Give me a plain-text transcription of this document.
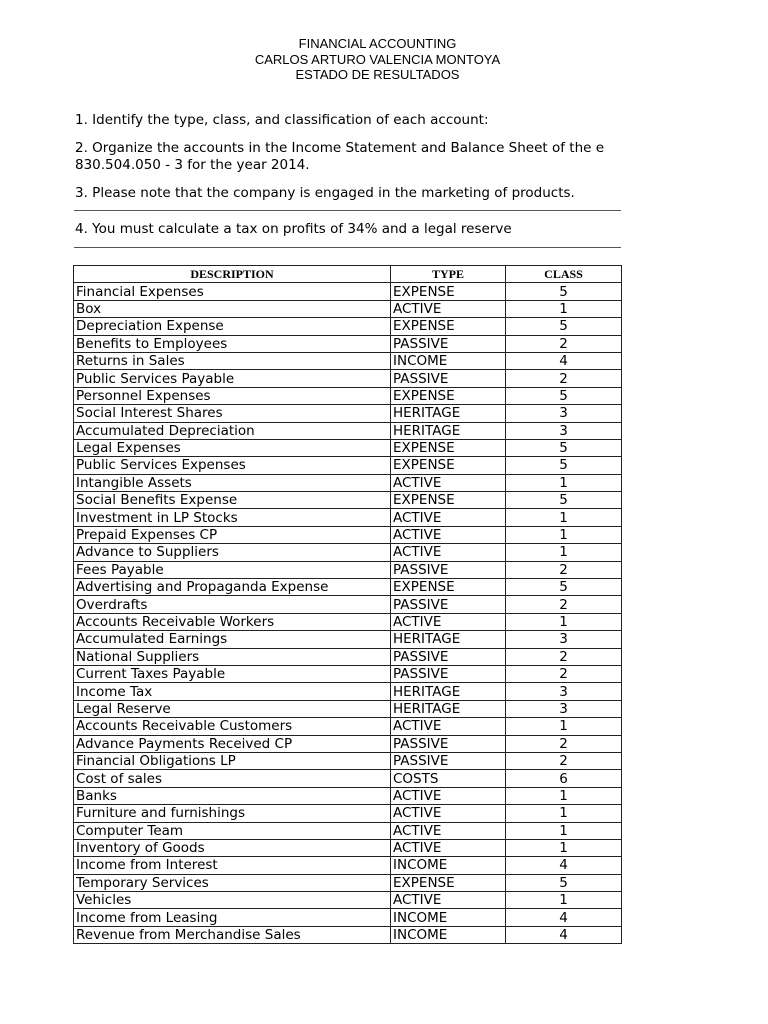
FINANCIAL ACCOUNTING
CARLOS ARTURO VALENCIA MONTOYA
ESTADO DE RESULTADOS
1. Identify the type, class, and classification of each account:
2. Organize the accounts in the Income Statement and Balance Sheet of the e
830.504.050 - 3 for the year 2014.
3. Please note that the company is engaged in the marketing of products.
4. You must calculate a tax on profits of 34% and a legal reserve
DESCRIPTION	TYPE	CLASS
Financial Expenses	EXPENSE	5
Box	ACTIVE	1
Depreciation Expense	EXPENSE	5
Benefits to Employees	PASSIVE	2
Returns in Sales	INCOME	4
Public Services Payable	PASSIVE	2
Personnel Expenses	EXPENSE	5
Social Interest Shares	HERITAGE	3
Accumulated Depreciation	HERITAGE	3
Legal Expenses	EXPENSE	5
Public Services Expenses	EXPENSE	5
Intangible Assets	ACTIVE	1
Social Benefits Expense	EXPENSE	5
Investment in LP Stocks	ACTIVE	1
Prepaid Expenses CP	ACTIVE	1
Advance to Suppliers	ACTIVE	1
Fees Payable	PASSIVE	2
Advertising and Propaganda Expense	EXPENSE	5
Overdrafts	PASSIVE	2
Accounts Receivable Workers	ACTIVE	1
Accumulated Earnings	HERITAGE	3
National Suppliers	PASSIVE	2
Current Taxes Payable	PASSIVE	2
Income Tax	HERITAGE	3
Legal Reserve	HERITAGE	3
Accounts Receivable Customers	ACTIVE	1
Advance Payments Received CP	PASSIVE	2
Financial Obligations LP	PASSIVE	2
Cost of sales	COSTS	6
Banks	ACTIVE	1
Furniture and furnishings	ACTIVE	1
Computer Team	ACTIVE	1
Inventory of Goods	ACTIVE	1
Income from Interest	INCOME	4
Temporary Services	EXPENSE	5
Vehicles	ACTIVE	1
Income from Leasing	INCOME	4
Revenue from Merchandise Sales	INCOME	4
